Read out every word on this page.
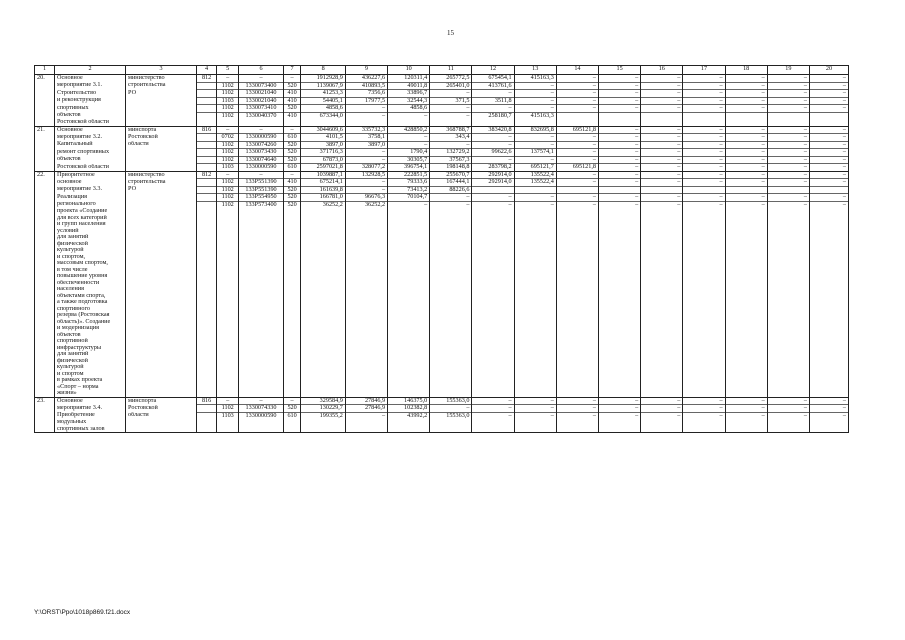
15
1	2	3	4	5	6	7	8	9	10	11	12	13	14	15	16	17	18	19	20
20.	Основное	министерство	812	–	–	–	1912928,9	436227,6	120311,4	265772,5	675454,1	415163,3	–	–	–	–	–	–	–
	мероприятие 3.1.	строительства		1102	1330073400	520	1139067,9	410893,5	49011,8	265401,0	413761,6	–	–	–	–	–	–	–	–
	Строительство	РО		1102	1330021040	410	41253,3	7356,6	33896,7	–	–	–	–	–	–	–	–	–	–
	и реконструкция			1103	1330021040	410	54405,1	17977,5	32544,3	371,5	3511,8	–	–	–	–	–	–	–	–
	спортивных			1102	1330073410	520	4858,6	–	4858,6	–	–	–	–	–	–	–	–	–	–
	объектов			1102	1330040370	410	673344,0	–	–	–	258180,7	415163,3							
	Ростовской области																		
21.	Основное	минспорта	816	–	–	–	3044609,6	335732,3	428850,2	368788,7	383420,8	832695,8	695121,8	–	–	–	–	–	–
	мероприятие 3.2.	Ростовской		0702	1330000590	610	4101,5	3758,1	–	343,4	–	–	–	–	–	–	–	–	–
	Капитальный	области		1102	1330074260	520	3897,0	3897,0	–	–	–	–	–	–	–	–	–	–	–
	ремонт спортивных			1102	1330073430	520	371716,3	–	1790,4	132729,2	99622,6	137574,1	–	–	–	–	–	–	–
	объектов			1102	1330074640	520	67873,0	–	30305,7	37567,3	–	–	–	–	–	–	–	–	–
	Ростовской области			1103	1330000590	610	2597021,8	328077,2	396754,1	198148,8	283798,2	695121,7	695121,8	–	–	–	–	–	–
22.	Приоритетное	министерство	812	–	–	–	1039887,1	132928,5	222851,5	255670,7	292914,0	135522,4	–	–	–	–	–	–	–
	основное	строительства		1102	133P551390	410	675214,1	–	79333,6	167444,1	292914,0	135522,4	–	–	–	–	–	–	–
	мероприятие 3.3.	РО		1102	133P551390	520	161639,8	–	73413,2	88226,6									
	Реализация			1102	133P554950	520	166781,0	96676,3	70104,7	–	–	–	–	–	–	–	–	–	–
	регионального			1102	133P573400	520	36252,2	36252,2	–	–	–	–	–	–	–	–	–	–	–
	проекта «Создание																		
	для всех категорий																		
	и групп населения																		
	условий																		
	для занятий																		
	физической																		
	культурой																		
	и спортом,																		
	массовым спортом,																		
	в том числе																		
	повышение уровня																		
	обеспеченности																		
	населения																		
	объектами спорта,																		
	а также подготовка																		
	спортивного																		
	резерва (Ростовская																		
	область)». Создание																		
	и модернизация																		
	объектов																		
	спортивной																		
	инфраструктуры																		
	для занятий																		
	физической																		
	культурой																		
	и спортом																		
	в рамках проекта																		
	«Спорт – норма																		
	жизни»																		
23.	Основное	минспорта	816	–	–	–	329584,9	27846,9	146375,0	155363,0	–	–	–	–	–	–	–	–	–
	мероприятие 3.4.	Ростовской		1102	1330074330	520	130229,7	27846,9	102382,8	–	–	–	–	–	–	–	–	–	–
	Приобретение	области		1103	1330000590	610	199355,2	–	43992,2	155363,0	–	–	–	–	–	–	–	–	–
	модульных																		
	спортивных залов																		
Y:\ORST\Ppo\1018p869.f21.docx
